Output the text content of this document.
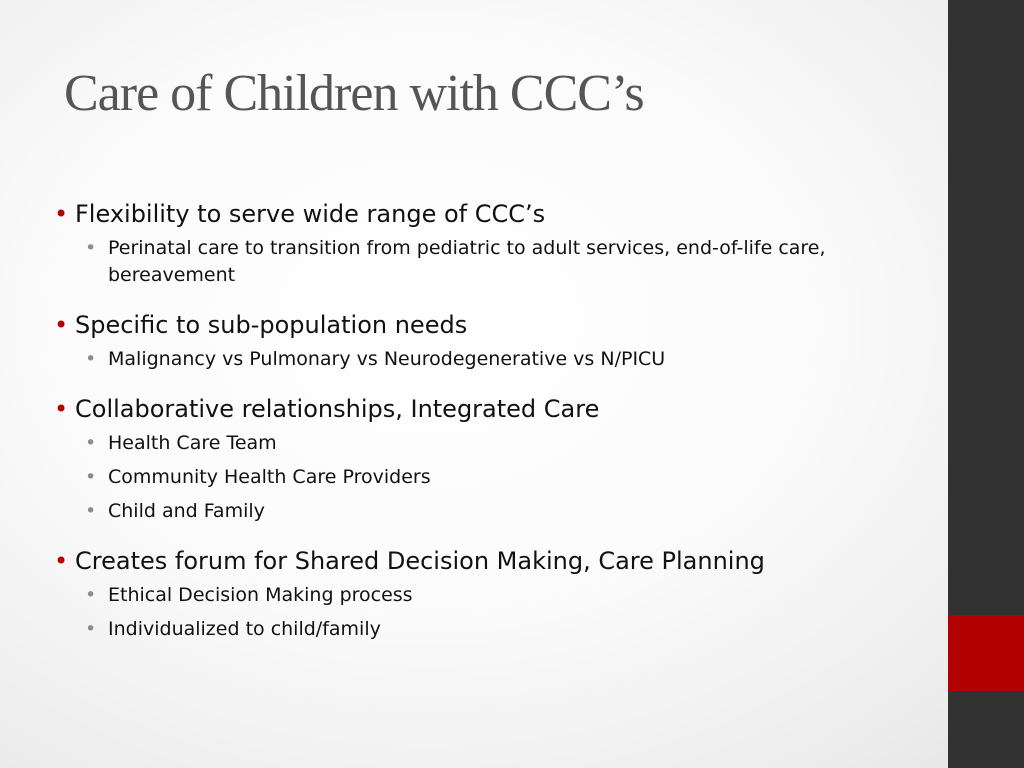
Care of Children with CCC’s
• Flexibility to serve wide range of CCC’s
• Perinatal care to transition from pediatric to adult services, end-of-life care, bereavement
• Specific to sub-population needs
• Malignancy vs Pulmonary vs Neurodegenerative vs N/PICU
• Collaborative relationships, Integrated Care
• Health Care Team
• Community Health Care Providers
• Child and Family
• Creates forum for Shared Decision Making, Care Planning
• Ethical Decision Making process
• Individualized to child/family
